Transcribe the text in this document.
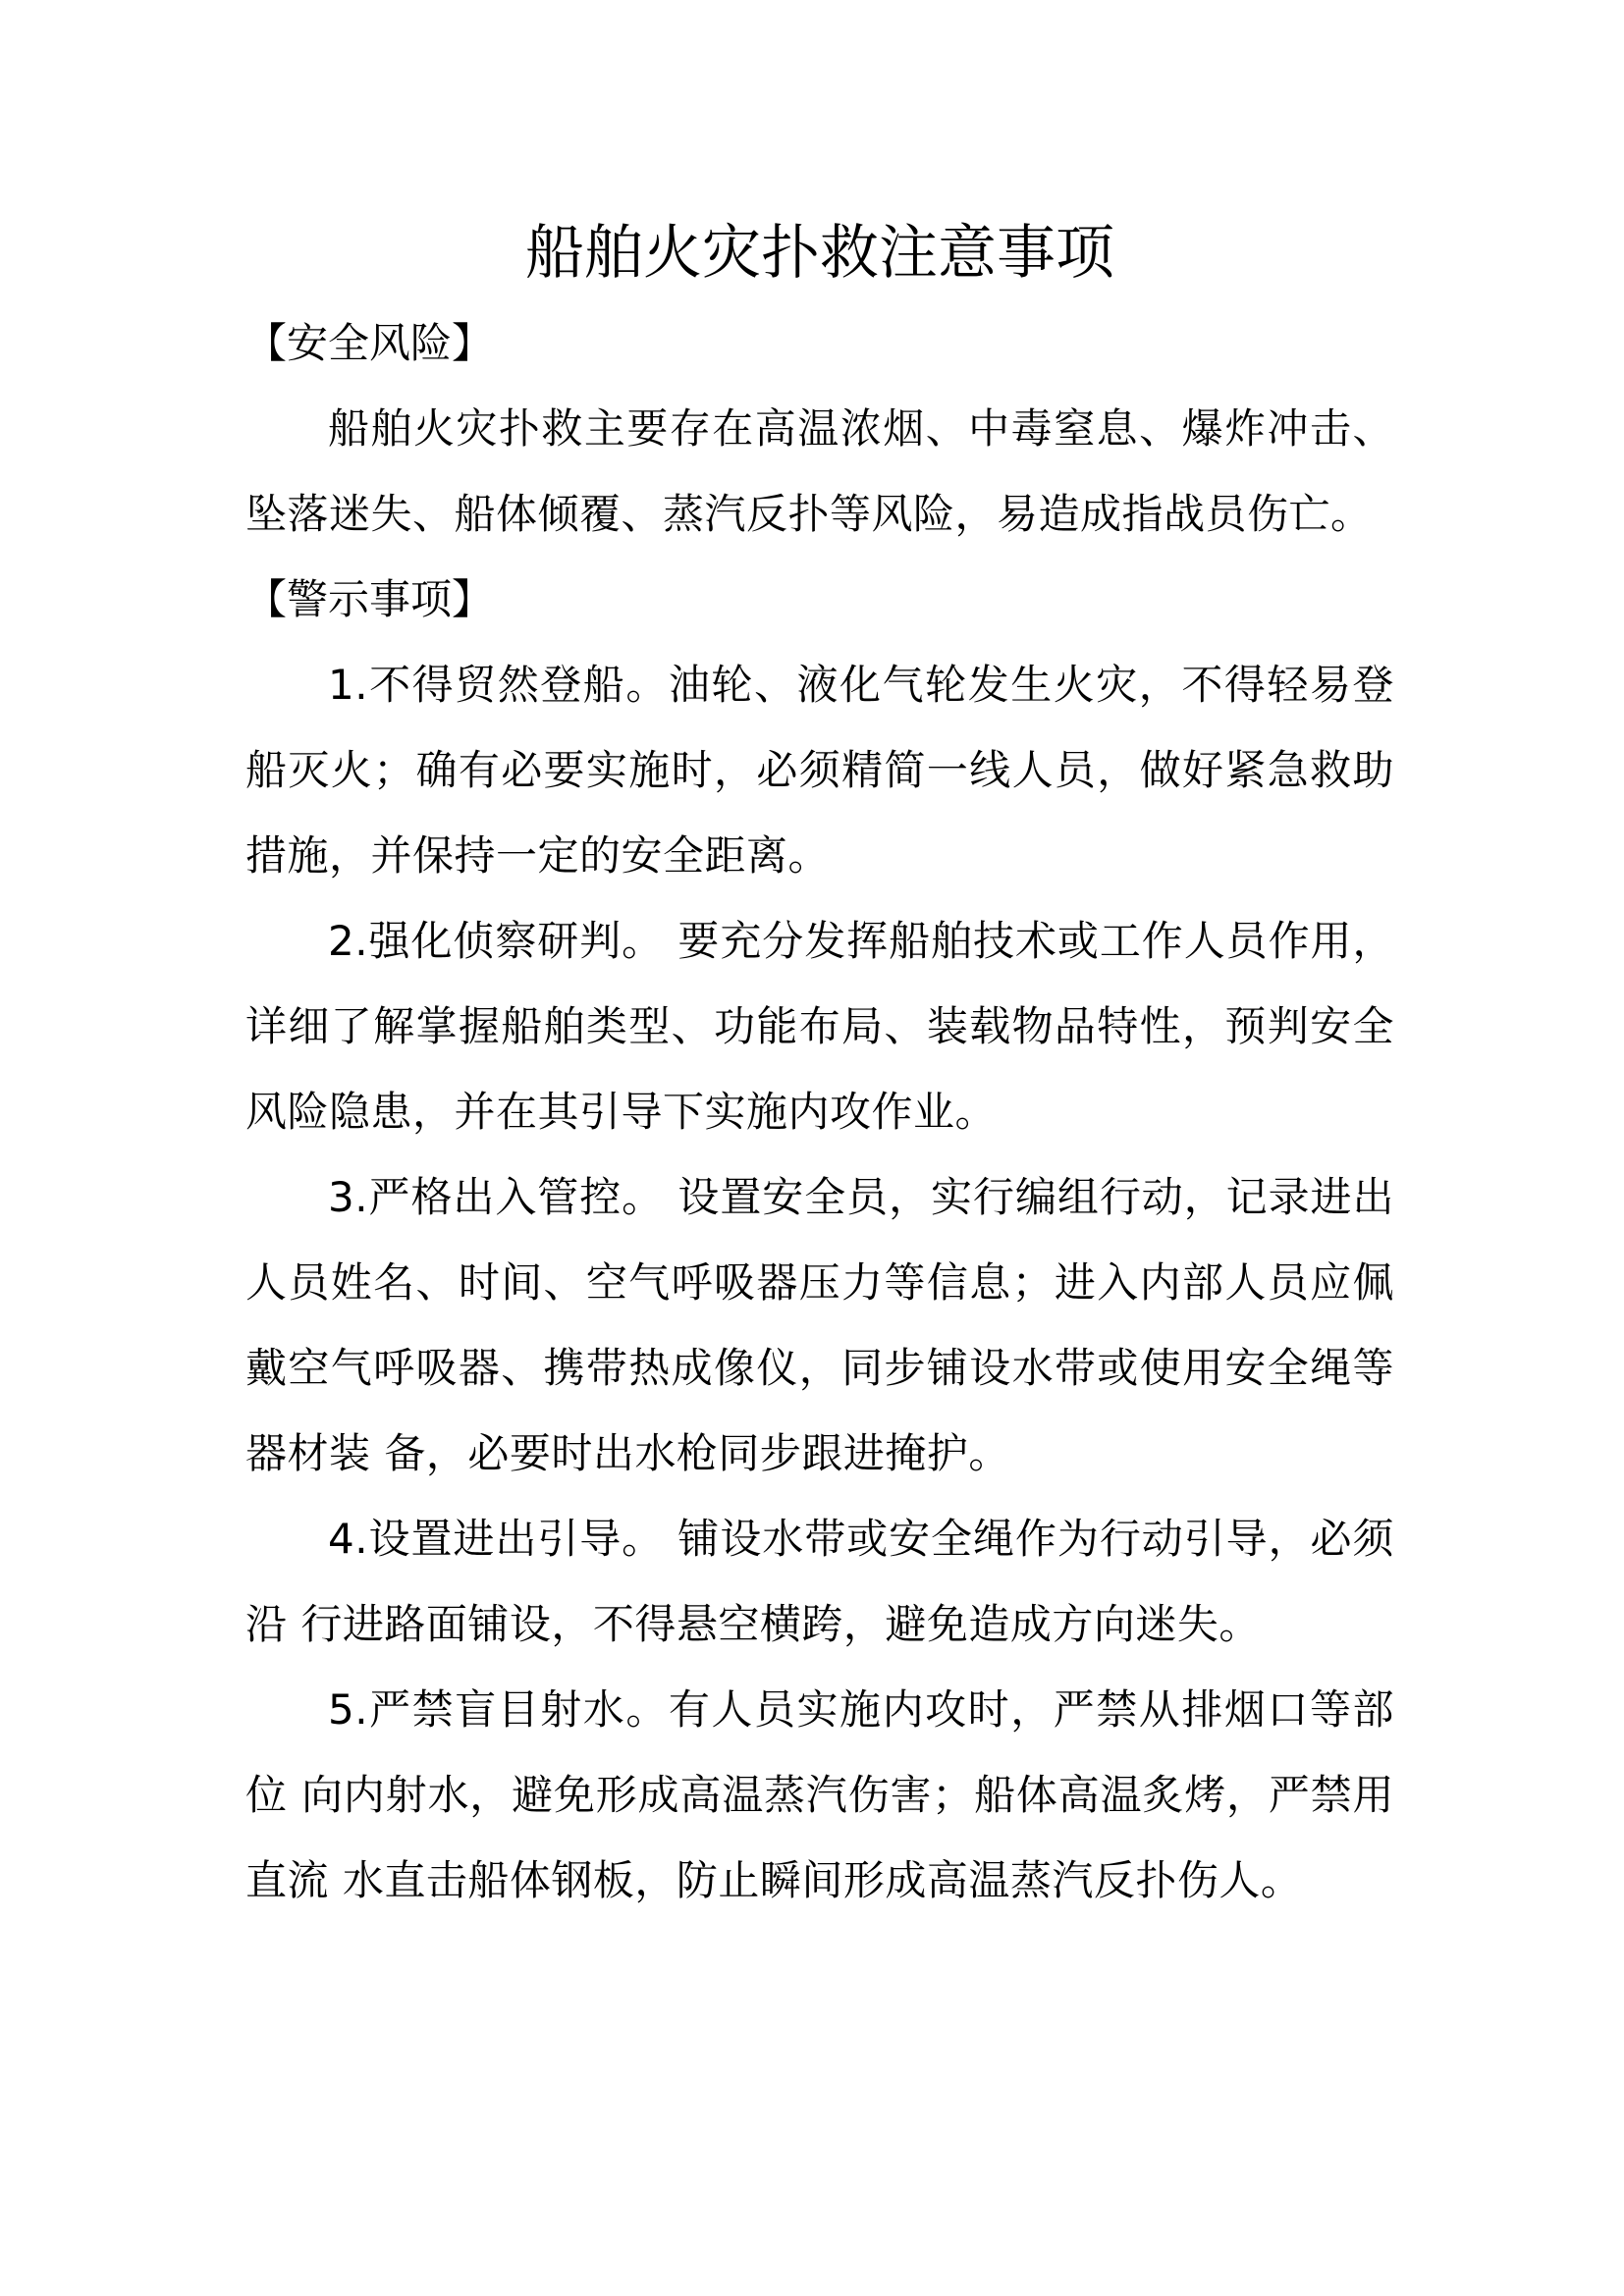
船舶火灾扑救注意事项

【安全风险】

船舶火灾扑救主要存在高温浓烟、中毒窒息、爆炸冲击、坠落迷失、船体倾覆、蒸汽反扑等风险，易造成指战员伤亡。

【警示事项】

1.不得贸然登船。油轮、液化气轮发生火灾，不得轻易登船灭火；确有必要实施时，必须精简一线人员，做好紧急救助措施，并保持一定的安全距离。

2.强化侦察研判。 要充分发挥船舶技术或工作人员作用， 详细了解掌握船舶类型、功能布局、装载物品特性，预判安全风险隐患，并在其引导下实施内攻作业。

3.严格出入管控。 设置安全员，实行编组行动，记录进出人员姓名、时间、空气呼吸器压力等信息；进入内部人员应佩戴空气呼吸器、携带热成像仪，同步铺设水带或使用安全绳等器材装 备，必要时出水枪同步跟进掩护。

4.设置进出引导。 铺设水带或安全绳作为行动引导，必须沿 行进路面铺设，不得悬空横跨，避免造成方向迷失。

5.严禁盲目射水。有人员实施内攻时，严禁从排烟口等部位 向内射水，避免形成高温蒸汽伤害；船体高温炙烤，严禁用直流 水直击船体钢板，防止瞬间形成高温蒸汽反扑伤人。
